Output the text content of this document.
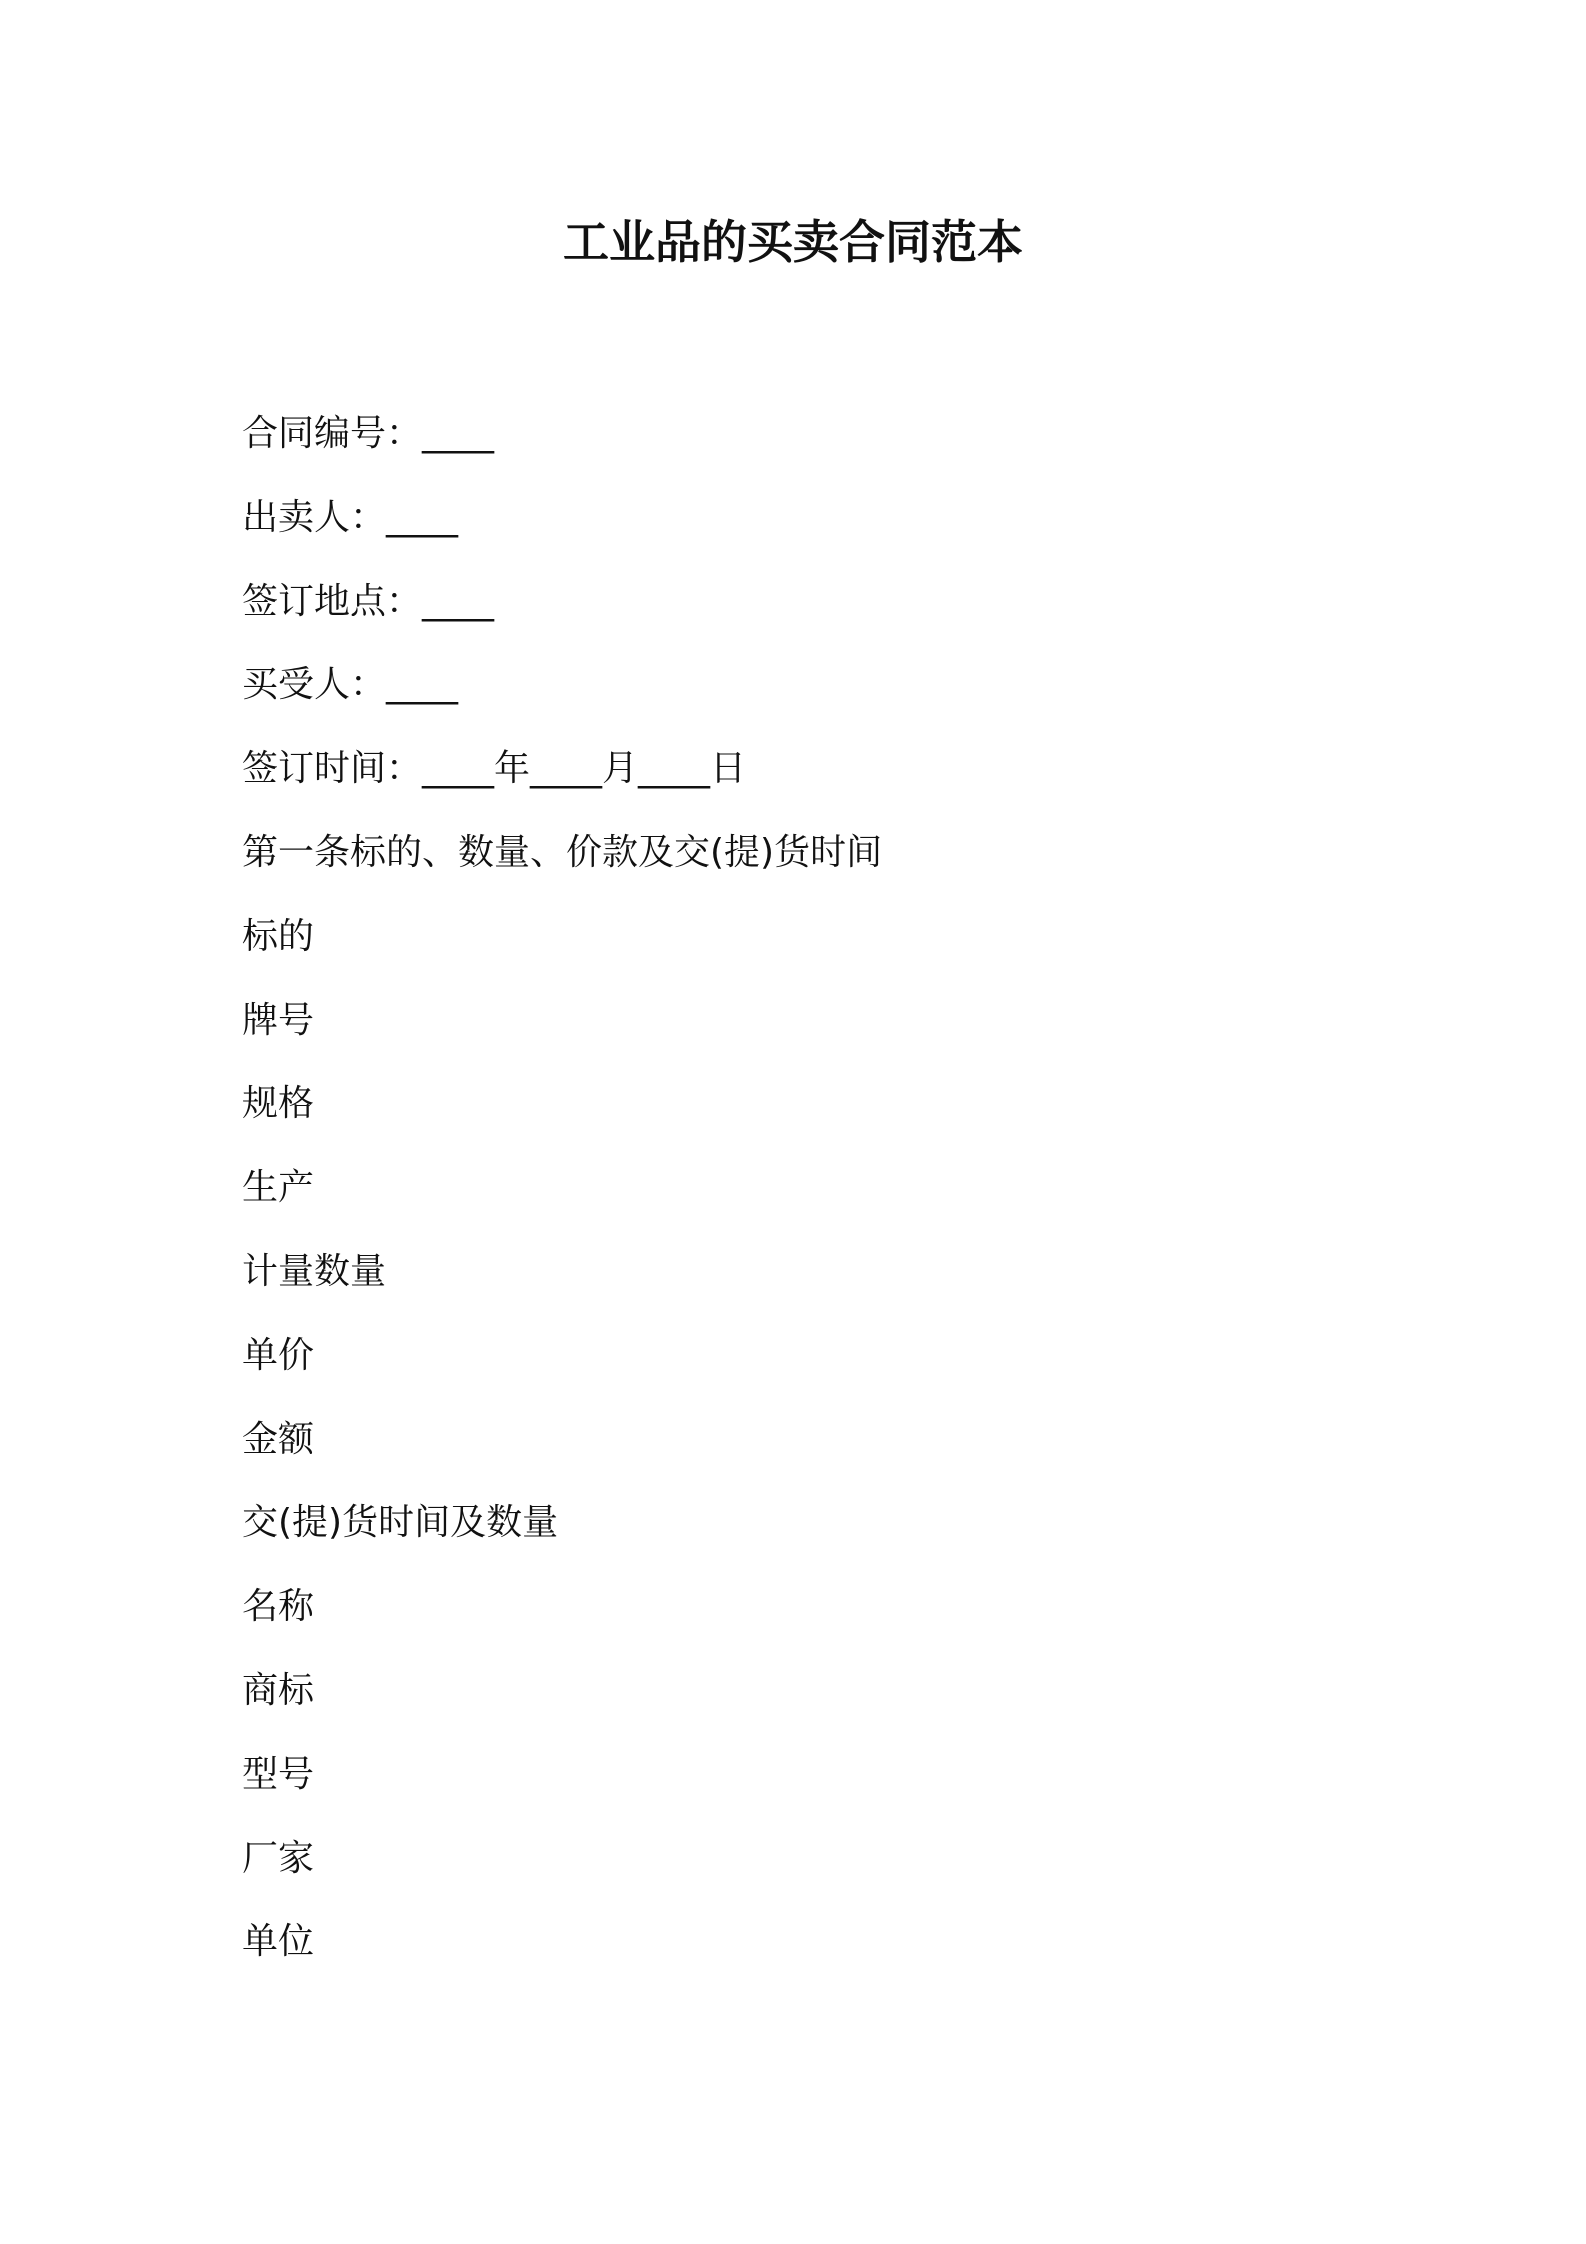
工业品的买卖合同范本
合同编号：____
出卖人：____
签订地点：____
买受人：____
签订时间：____年____月____日
第一条标的、数量、价款及交(提)货时间
标的
牌号
规格
生产
计量数量
单价
金额
交(提)货时间及数量
名称
商标
型号
厂家
单位
